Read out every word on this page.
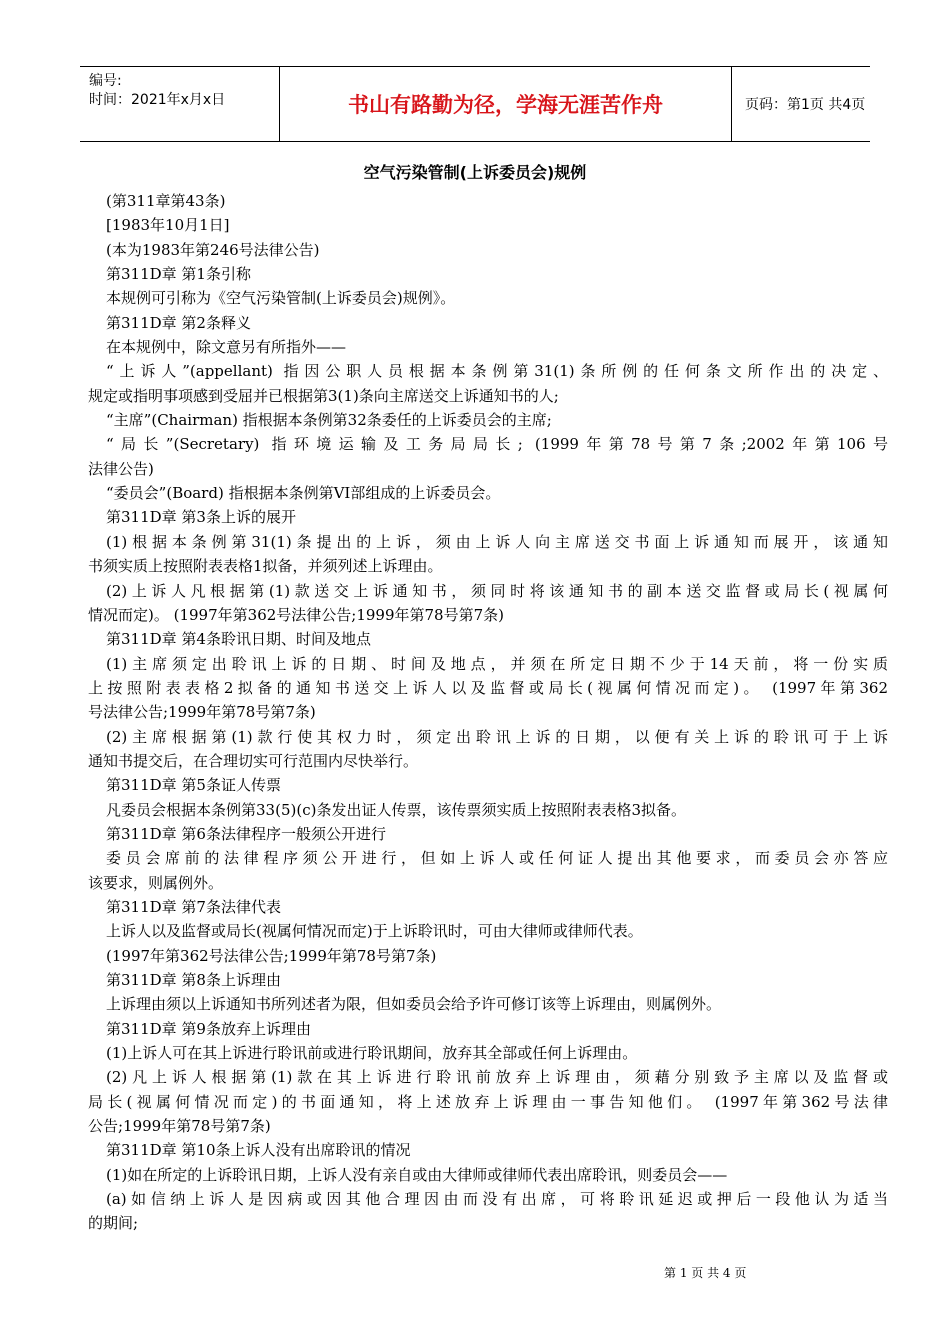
编号:
时间：2021年x月x日	书山有路勤为径，学海无涯苦作舟	页码：第1页 共4页
空气污染管制(上诉委员会)规例
(第311章第43条)
[1983年10月1日]
(本为1983年第246号法律公告)
第311D章 第1条引称
本规例可引称为《空气污染管制(上诉委员会)规例》。
第311D章 第2条释义
在本规例中，除文意另有所指外——
“上诉人”(appellant) 指因公职人员根据本条例第31(1)条所例的任何条文所作出的决定、
规定或指明事项感到受屈并已根据第3(1)条向主席送交上诉通知书的人;
“主席”(Chairman) 指根据本条例第32条委任的上诉委员会的主席;
“局长”(Secretary) 指环境运输及工务局局长; (1999年第78号第7条;2002年第106号
法律公告)
“委员会”(Board) 指根据本条例第VI部组成的上诉委员会。
第311D章 第3条上诉的展开
(1)根据本条例第31(1)条提出的上诉，须由上诉人向主席送交书面上诉通知而展开，该通知
书须实质上按照附表表格1拟备，并须列述上诉理由。
(2)上诉人凡根据第(1)款送交上诉通知书，须同时将该通知书的副本送交监督或局长(视属何
情况而定)。 (1997年第362号法律公告;1999年第78号第7条)
第311D章 第4条聆讯日期、时间及地点
(1)主席须定出聆讯上诉的日期、时间及地点，并须在所定日期不少于14天前，将一份实质
上按照附表表格2拟备的通知书送交上诉人以及监督或局长(视属何情况而定)。 (1997年第362
号法律公告;1999年第78号第7条)
(2)主席根据第(1)款行使其权力时，须定出聆讯上诉的日期，以便有关上诉的聆讯可于上诉
通知书提交后，在合理切实可行范围内尽快举行。
第311D章 第5条证人传票
凡委员会根据本条例第33(5)(c)条发出证人传票，该传票须实质上按照附表表格3拟备。
第311D章 第6条法律程序一般须公开进行
委员会席前的法律程序须公开进行，但如上诉人或任何证人提出其他要求，而委员会亦答应
该要求，则属例外。
第311D章 第7条法律代表
上诉人以及监督或局长(视属何情况而定)于上诉聆讯时，可由大律师或律师代表。
(1997年第362号法律公告;1999年第78号第7条)
第311D章 第8条上诉理由
上诉理由须以上诉通知书所列述者为限，但如委员会给予许可修订该等上诉理由，则属例外。
第311D章 第9条放弃上诉理由
(1)上诉人可在其上诉进行聆讯前或进行聆讯期间，放弃其全部或任何上诉理由。
(2)凡上诉人根据第(1)款在其上诉进行聆讯前放弃上诉理由，须藉分别致予主席以及监督或
局长(视属何情况而定)的书面通知，将上述放弃上诉理由一事告知他们。 (1997年第362号法律
公告;1999年第78号第7条)
第311D章 第10条上诉人没有出席聆讯的情况
(1)如在所定的上诉聆讯日期，上诉人没有亲自或由大律师或律师代表出席聆讯，则委员会——
(a)如信纳上诉人是因病或因其他合理因由而没有出席，可将聆讯延迟或押后一段他认为适当
的期间;
第 1 页 共 4 页
